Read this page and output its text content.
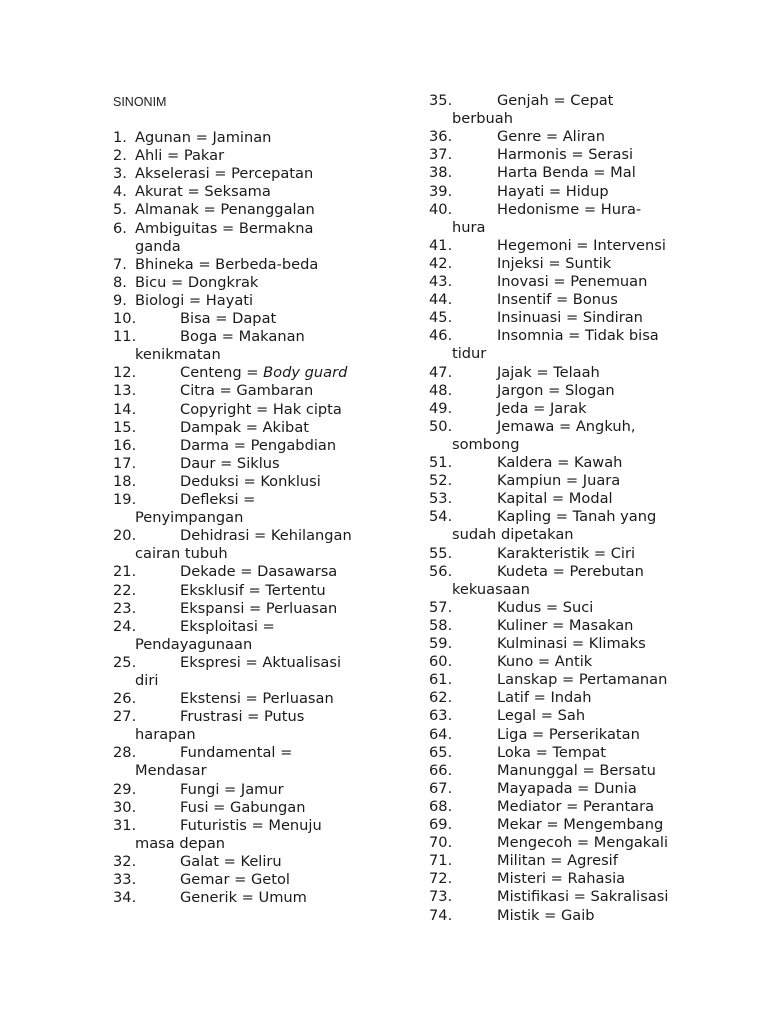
SINONIM
1. Agunan = Jaminan
2. Ahli = Pakar
3. Akselerasi = Percepatan
4. Akurat = Seksama
5. Almanak = Penanggalan
6. Ambiguitas = Bermakna
ganda
7. Bhineka = Berbeda-beda
8. Bicu = Dongkrak
9. Biologi = Hayati
10.	Bisa = Dapat
11.	Boga = Makanan
kenikmatan
12.	Centeng = Body guard
13.	Citra = Gambaran
14.	Copyright = Hak cipta
15.	Dampak = Akibat
16.	Darma = Pengabdian
17.	Daur = Siklus
18.	Deduksi = Konklusi
19.	Defleksi =
Penyimpangan
20.	Dehidrasi = Kehilangan
cairan tubuh
21.	Dekade = Dasawarsa
22.	Eksklusif = Tertentu
23.	Ekspansi = Perluasan
24.	Eksploitasi =
Pendayagunaan
25.	Ekspresi = Aktualisasi
diri
26.	Ekstensi = Perluasan
27.	Frustrasi = Putus
harapan
28.	Fundamental =
Mendasar
29.	Fungi = Jamur
30.	Fusi = Gabungan
31.	Futuristis = Menuju
masa depan
32.	Galat = Keliru
33.	Gemar = Getol
34.	Generik = Umum
35.	Genjah = Cepat
berbuah
36.	Genre = Aliran
37.	Harmonis = Serasi
38.	Harta Benda = Mal
39.	Hayati = Hidup
40.	Hedonisme = Hura-
hura
41.	Hegemoni = Intervensi
42.	Injeksi = Suntik
43.	Inovasi = Penemuan
44.	Insentif = Bonus
45.	Insinuasi = Sindiran
46.	Insomnia = Tidak bisa
tidur
47.	Jajak = Telaah
48.	Jargon = Slogan
49.	Jeda = Jarak
50.	Jemawa = Angkuh,
sombong
51.	Kaldera = Kawah
52.	Kampiun = Juara
53.	Kapital = Modal
54.	Kapling = Tanah yang
sudah dipetakan
55.	Karakteristik = Ciri
56.	Kudeta = Perebutan
kekuasaan
57.	Kudus = Suci
58.	Kuliner = Masakan
59.	Kulminasi = Klimaks
60.	Kuno = Antik
61.	Lanskap = Pertamanan
62.	Latif = Indah
63.	Legal = Sah
64.	Liga = Perserikatan
65.	Loka = Tempat
66.	Manunggal = Bersatu
67.	Mayapada = Dunia
68.	Mediator = Perantara
69.	Mekar = Mengembang
70.	Mengecoh = Mengakali
71.	Militan = Agresif
72.	Misteri = Rahasia
73.	Mistifikasi = Sakralisasi
74.	Mistik = Gaib
